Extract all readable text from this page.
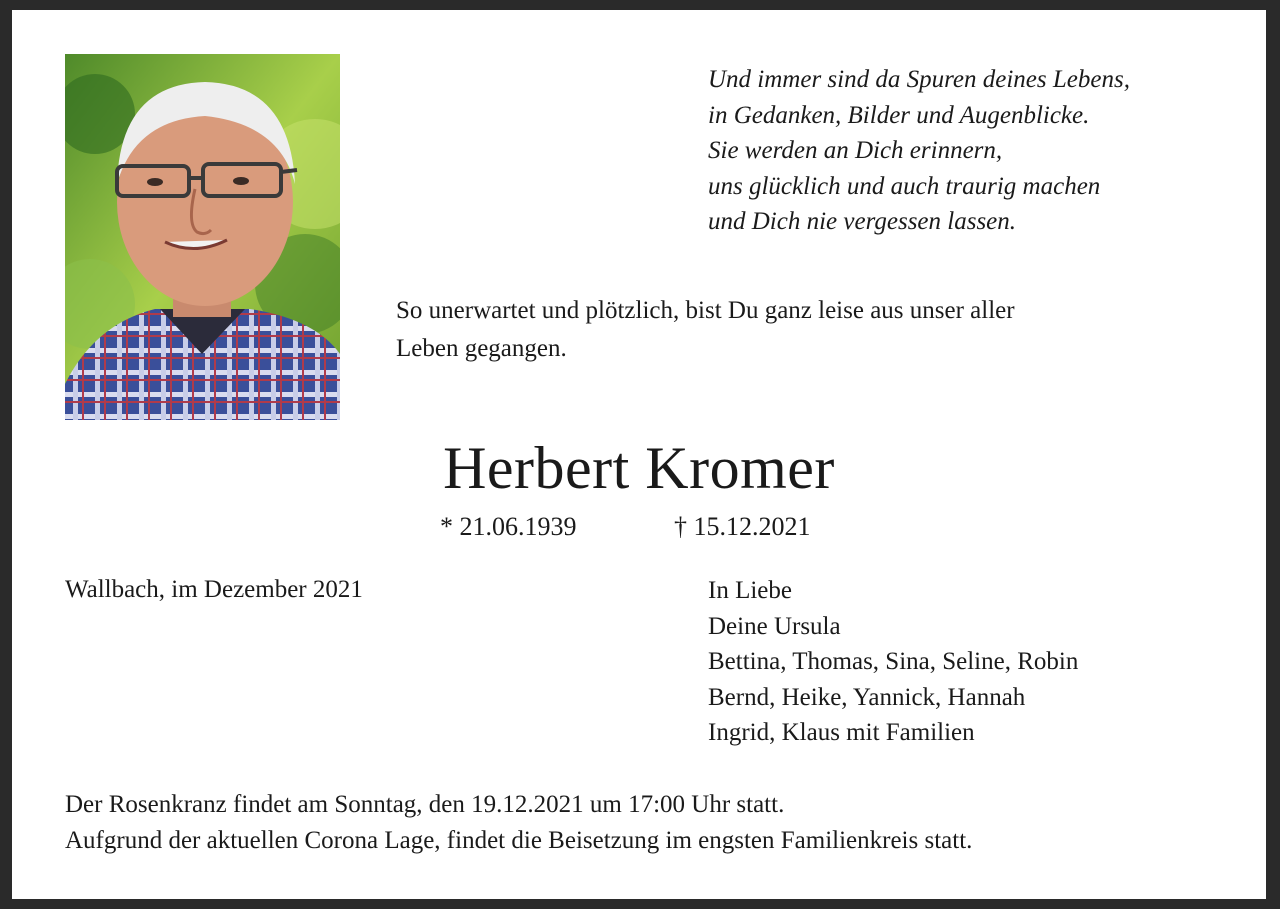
Und immer sind da Spuren deines Lebens,
in Gedanken, Bilder und Augenblicke.
Sie werden an Dich erinnern,
uns glücklich und auch traurig machen
und Dich nie vergessen lassen.
So unerwartet und plötzlich, bist Du ganz leise aus unser aller
Leben gegangen.
Herbert Kromer
* 21.06.1939	† 15.12.2021
Wallbach, im Dezember 2021	In Liebe
Deine Ursula
Bettina, Thomas, Sina, Seline, Robin
Bernd, Heike, Yannick, Hannah
Ingrid, Klaus mit Familien
Der Rosenkranz findet am Sonntag, den 19.12.2021 um 17:00 Uhr statt.
Aufgrund der aktuellen Corona Lage, findet die Beisetzung im engsten Familienkreis statt.
